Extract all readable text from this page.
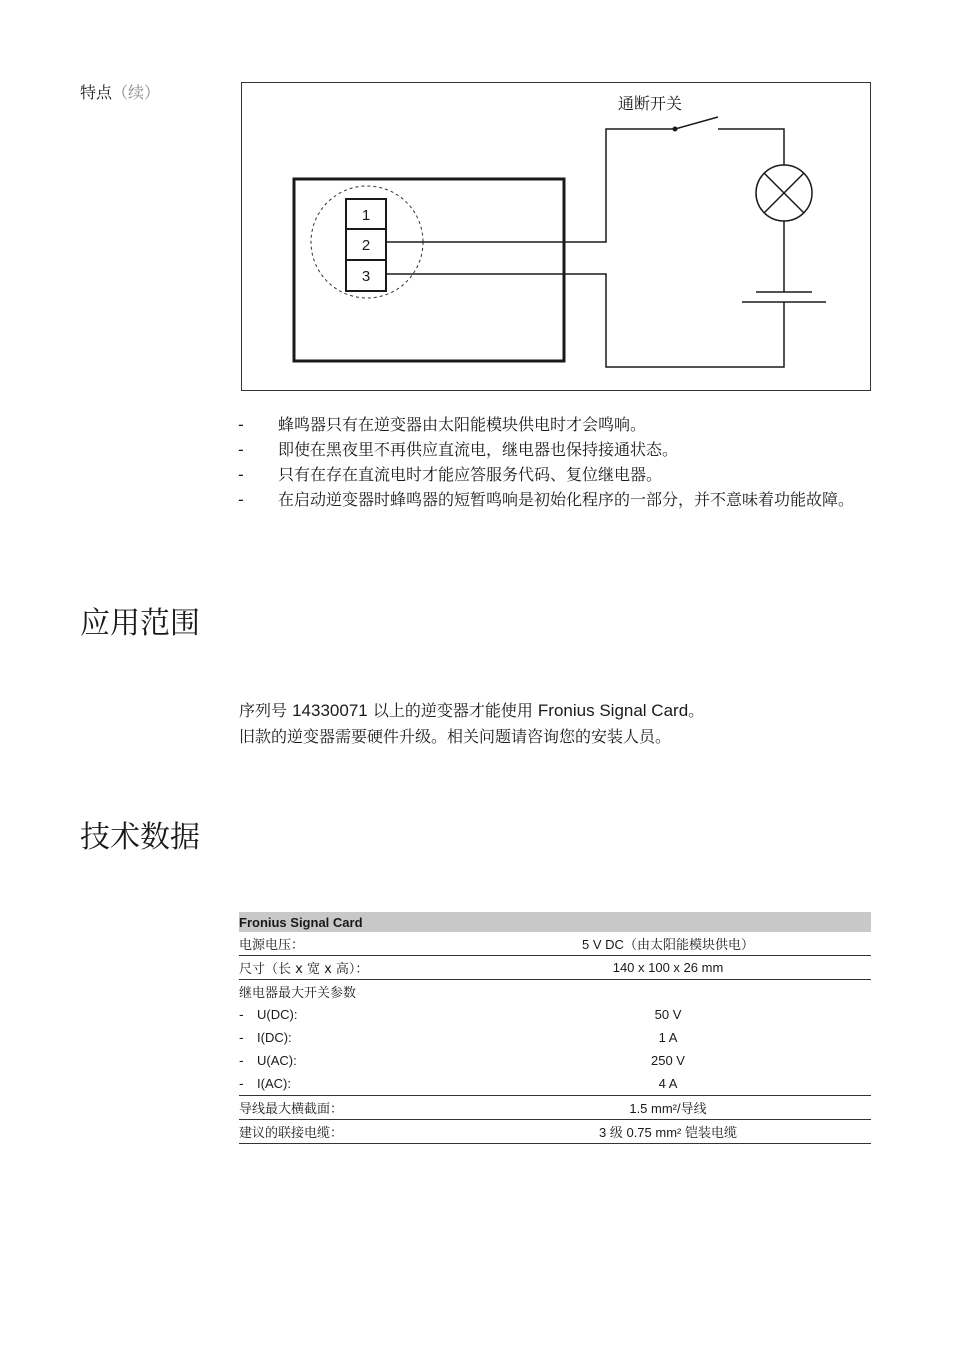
特点（续）
1
2
3
通断开关
-	蜂鸣器只有在逆变器由太阳能模块供电时才会鸣响。
-	即使在黑夜里不再供应直流电，继电器也保持接通状态。
-	只有在存在直流电时才能应答服务代码、复位继电器。
-	在启动逆变器时蜂鸣器的短暂鸣响是初始化程序的一部分，并不意味着功能故障。
应用范围
序列号 14330071 以上的逆变器才能使用 Fronius Signal Card。
旧款的逆变器需要硬件升级。相关问题请咨询您的安装人员。
技术数据
Fronius Signal Card	
电源电压：	5 V DC（由太阳能模块供电）
尺寸（长 x 宽 x 高）：	140 x 100 x 26 mm
继电器最大开关参数	
- U(DC):	50 V
- I(DC):	1 A
- U(AC):	250 V
- I(AC):	4 A
导线最大横截面：	1.5 mm²/导线
建议的联接电缆：	3 级 0.75 mm² 铠装电缆
